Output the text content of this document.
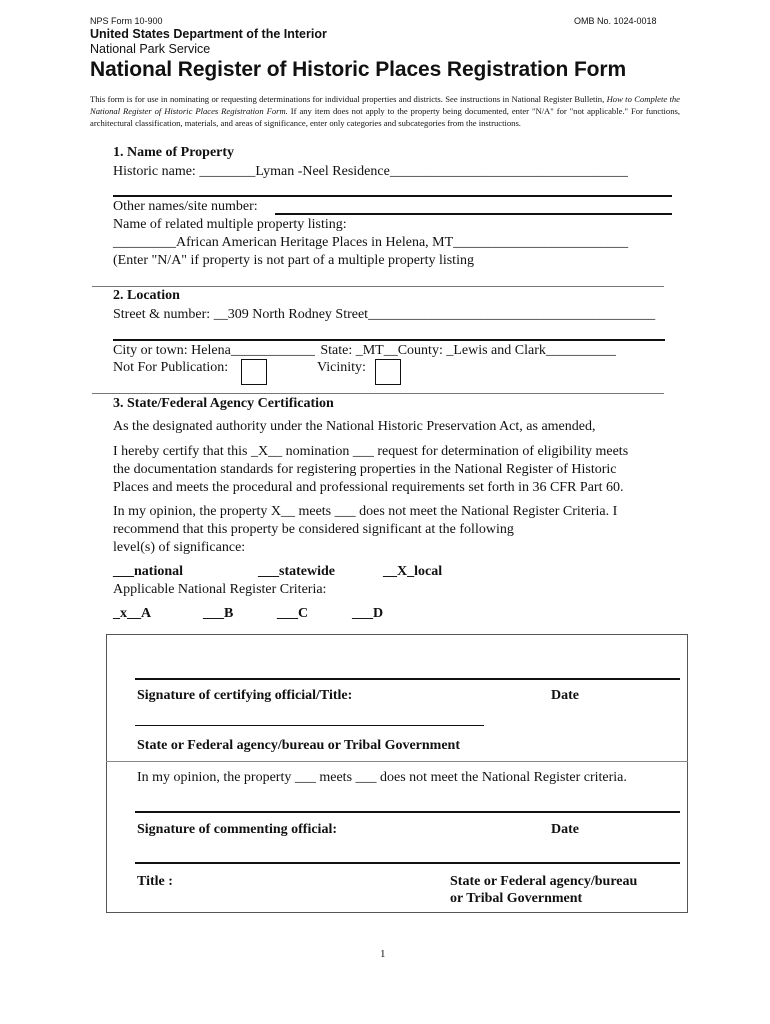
NPS Form 10-900	OMB No. 1024-0018
United States Department of the Interior
National Park Service
National Register of Historic Places Registration Form
This form is for use in nominating or requesting determinations for individual properties and districts. See instructions in National Register Bulletin, How to Complete the National Register of Historic Places Registration Form. If any item does not apply to the property being documented, enter "N/A" for "not applicable." For functions, architectural classification, materials, and areas of significance, enter only categories and subcategories from the instructions.
1. Name of Property
Historic name: ________Lyman -Neel Residence__________________________________
Other names/site number:
Name of related multiple property listing:
_________African American Heritage Places in Helena, MT_________________________
(Enter "N/A" if property is not part of a multiple property listing
2. Location
Street & number: __309 North Rodney Street_________________________________________
City or town: Helena____________ State: _MT__County: _Lewis and Clark__________
Not For Publication:	Vicinity:
3. State/Federal Agency Certification
As the designated authority under the National Historic Preservation Act, as amended,
I hereby certify that this _X__ nomination ___ request for determination of eligibility meets
the documentation standards for registering properties in the National Register of Historic
Places and meets the procedural and professional requirements set forth in 36 CFR Part 60.
In my opinion, the property X__ meets ___ does not meet the National Register Criteria. I
recommend that this property be considered significant at the following
level(s) of significance:
___national	___statewide	__X_local
Applicable National Register Criteria:
_x__A	___B	___C	___D
Signature of certifying official/Title:	Date
State or Federal agency/bureau or Tribal Government
In my opinion, the property ___ meets ___ does not meet the National Register criteria.
Signature of commenting official:	Date
Title :	State or Federal agency/bureau
or Tribal Government
1
